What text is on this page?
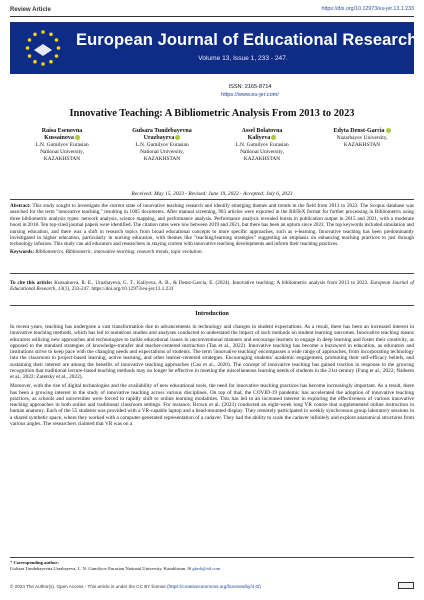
Review Article	https://doi.org/10.12973/eu-jer.13.1.233
European Journal of Educational Research
Volume 13, Issue 1, 233 - 247.
ISSN: 2165-8714
https://www.eu-jer.com/
Innovative Teaching: A Bibliometric Analysis From 2013 to 2023
Raisa Esenovna
Kussainova
L.N. Gumilyov Eurasian
National University,
KAZAKHSTAN
Gulsara Tundebayevna
Urazbayeva
L.N. Gumilyov Eurasian
National University,
KAZAKHSTAN
Assel Bolatovna
Kaliyeva
L.N. Gumilyov Eurasian
National University,
KAZAKHSTAN
Edyta Denst-Garcia
Nazarbayev University,
KAZAKHSTAN
Received: May 15, 2023 - Revised: June 19, 2023 - Accepted: July 6, 2023

Abstract: This study sought to investigate the current state of innovative teaching research and identify emerging themes and trends in the field from 2013 to 2023. The Scopus database was searched for the term "innovative teaching," resulting in 1005 documents. After manual screening, 903 articles were exported in the BibTeX format for further processing in Bibliometrix using three bibliometric analysis types: network analysis, science mapping, and performance analysis. Performance analysis revealed bursts in publication output in 2015 and 2021, with a moderate boost in 2018. Ten top-cited journal papers were identified. The citation rates were low between 2019 and 2021, but there has been an upturn since 2022. The top keywords included simulation and nursing education, and there was a shift in research topics from broad educational concepts to more specific approaches, such as e-learning. Innovative teaching has been predominantly investigated in higher education, particularly in nursing education, with themes like "teaching/learning strategies" suggesting an emphasis on enhancing teaching practices to just through technology infusion. This study can aid educators and researchers in staying current with innovative teaching developments and inform their teaching practices.

Keywords: Bibliometrics. Bibliometric, innovative teaching, research trends, topic evolution.

To cite this article: Kussainova, R. E., Urazbayeva, G. T., Kaliyeva, A. B., & Denst-Garcia, E. (2024). Innovative teaching: A bibliometric analysis from 2013 to 2023. European Journal of Educational Research, 13(1), 233-247. https://doi.org/10.12973/eu-jer.13.1.233

Introduction

In recent years, teaching has undergone a vast transformation due to advancements in technology and changes in student expectations. As a result, there has been an increased interest in innovative teaching methods, which has led to numerous studies and analyses conducted to understand the impact of such methods on student learning outcomes. Innovative teaching means educators utilizing new approaches and technologies to tackle educational issues in unconventional manners and encourage learners to engage in deep learning and foster their creativity, as opposed to the standard strategies of knowledge-transfer and teacher-centered instruction (Tan et al., 2022). Innovative teaching has become a buzzword in education, as educators and institutions strive to keep pace with the changing needs and expectations of students. The term 'innovative teaching' encompasses a wide range of approaches, from incorporating technology into the classroom to project-based learning, active learning, and other learner-centered strategies. Encouraging students' academic engagement, promoting their self-efficacy beliefs, and sustaining their interest are among the benefits of innovative teaching approaches (Cao et al., 2020). The concept of innovative teaching has gained traction in response to the growing recognition that traditional lecture-based teaching methods may no longer be effective in meeting the miscellaneous learning needs of students in the 21st century (Fung et al., 2022; Nadeem et al., 2022; Zaretsky et al., 2022).

Moreover, with the rise of digital technologies and the availability of new educational tools, the need for innovative teaching practices has become increasingly important. As a result, there has been a growing interest in the study of innovative teaching across various disciplines. On top of that, the COVID-19 pandemic has accelerated the adoption of innovative teaching practices, as schools and universities were forced to rapidly shift to online learning modalities. This has led to an increased interest in exploring the effectiveness of various innovative teaching approaches in both online and traditional classroom settings. For instance, Brown et al. (2023) conducted an eight-week long VR course that supplemented online instruction in human anatomy. Each of the 55 students was provided with a VR-capable laptop and a head-mounted display. They remotely participated in weekly synchronous group laboratory sessions in a shared synthetic space, where they worked with a computer-generated representation of a cadaver. They had the ability to scale the cadaver infinitely and explore anatomical structures from various angles. The researchers claimed that VR was on a

* Corresponding author:
Gulsara Tundebayevna Urazbayeva, L. N. Gumilyov Eurasian National University, Kazakhstan. ✉ gbrrh@ail.com
© 2024 The Author(s). Open Access - This article is under the CC BY license (https://creativecommons.org/licenses/by/4.0/)
